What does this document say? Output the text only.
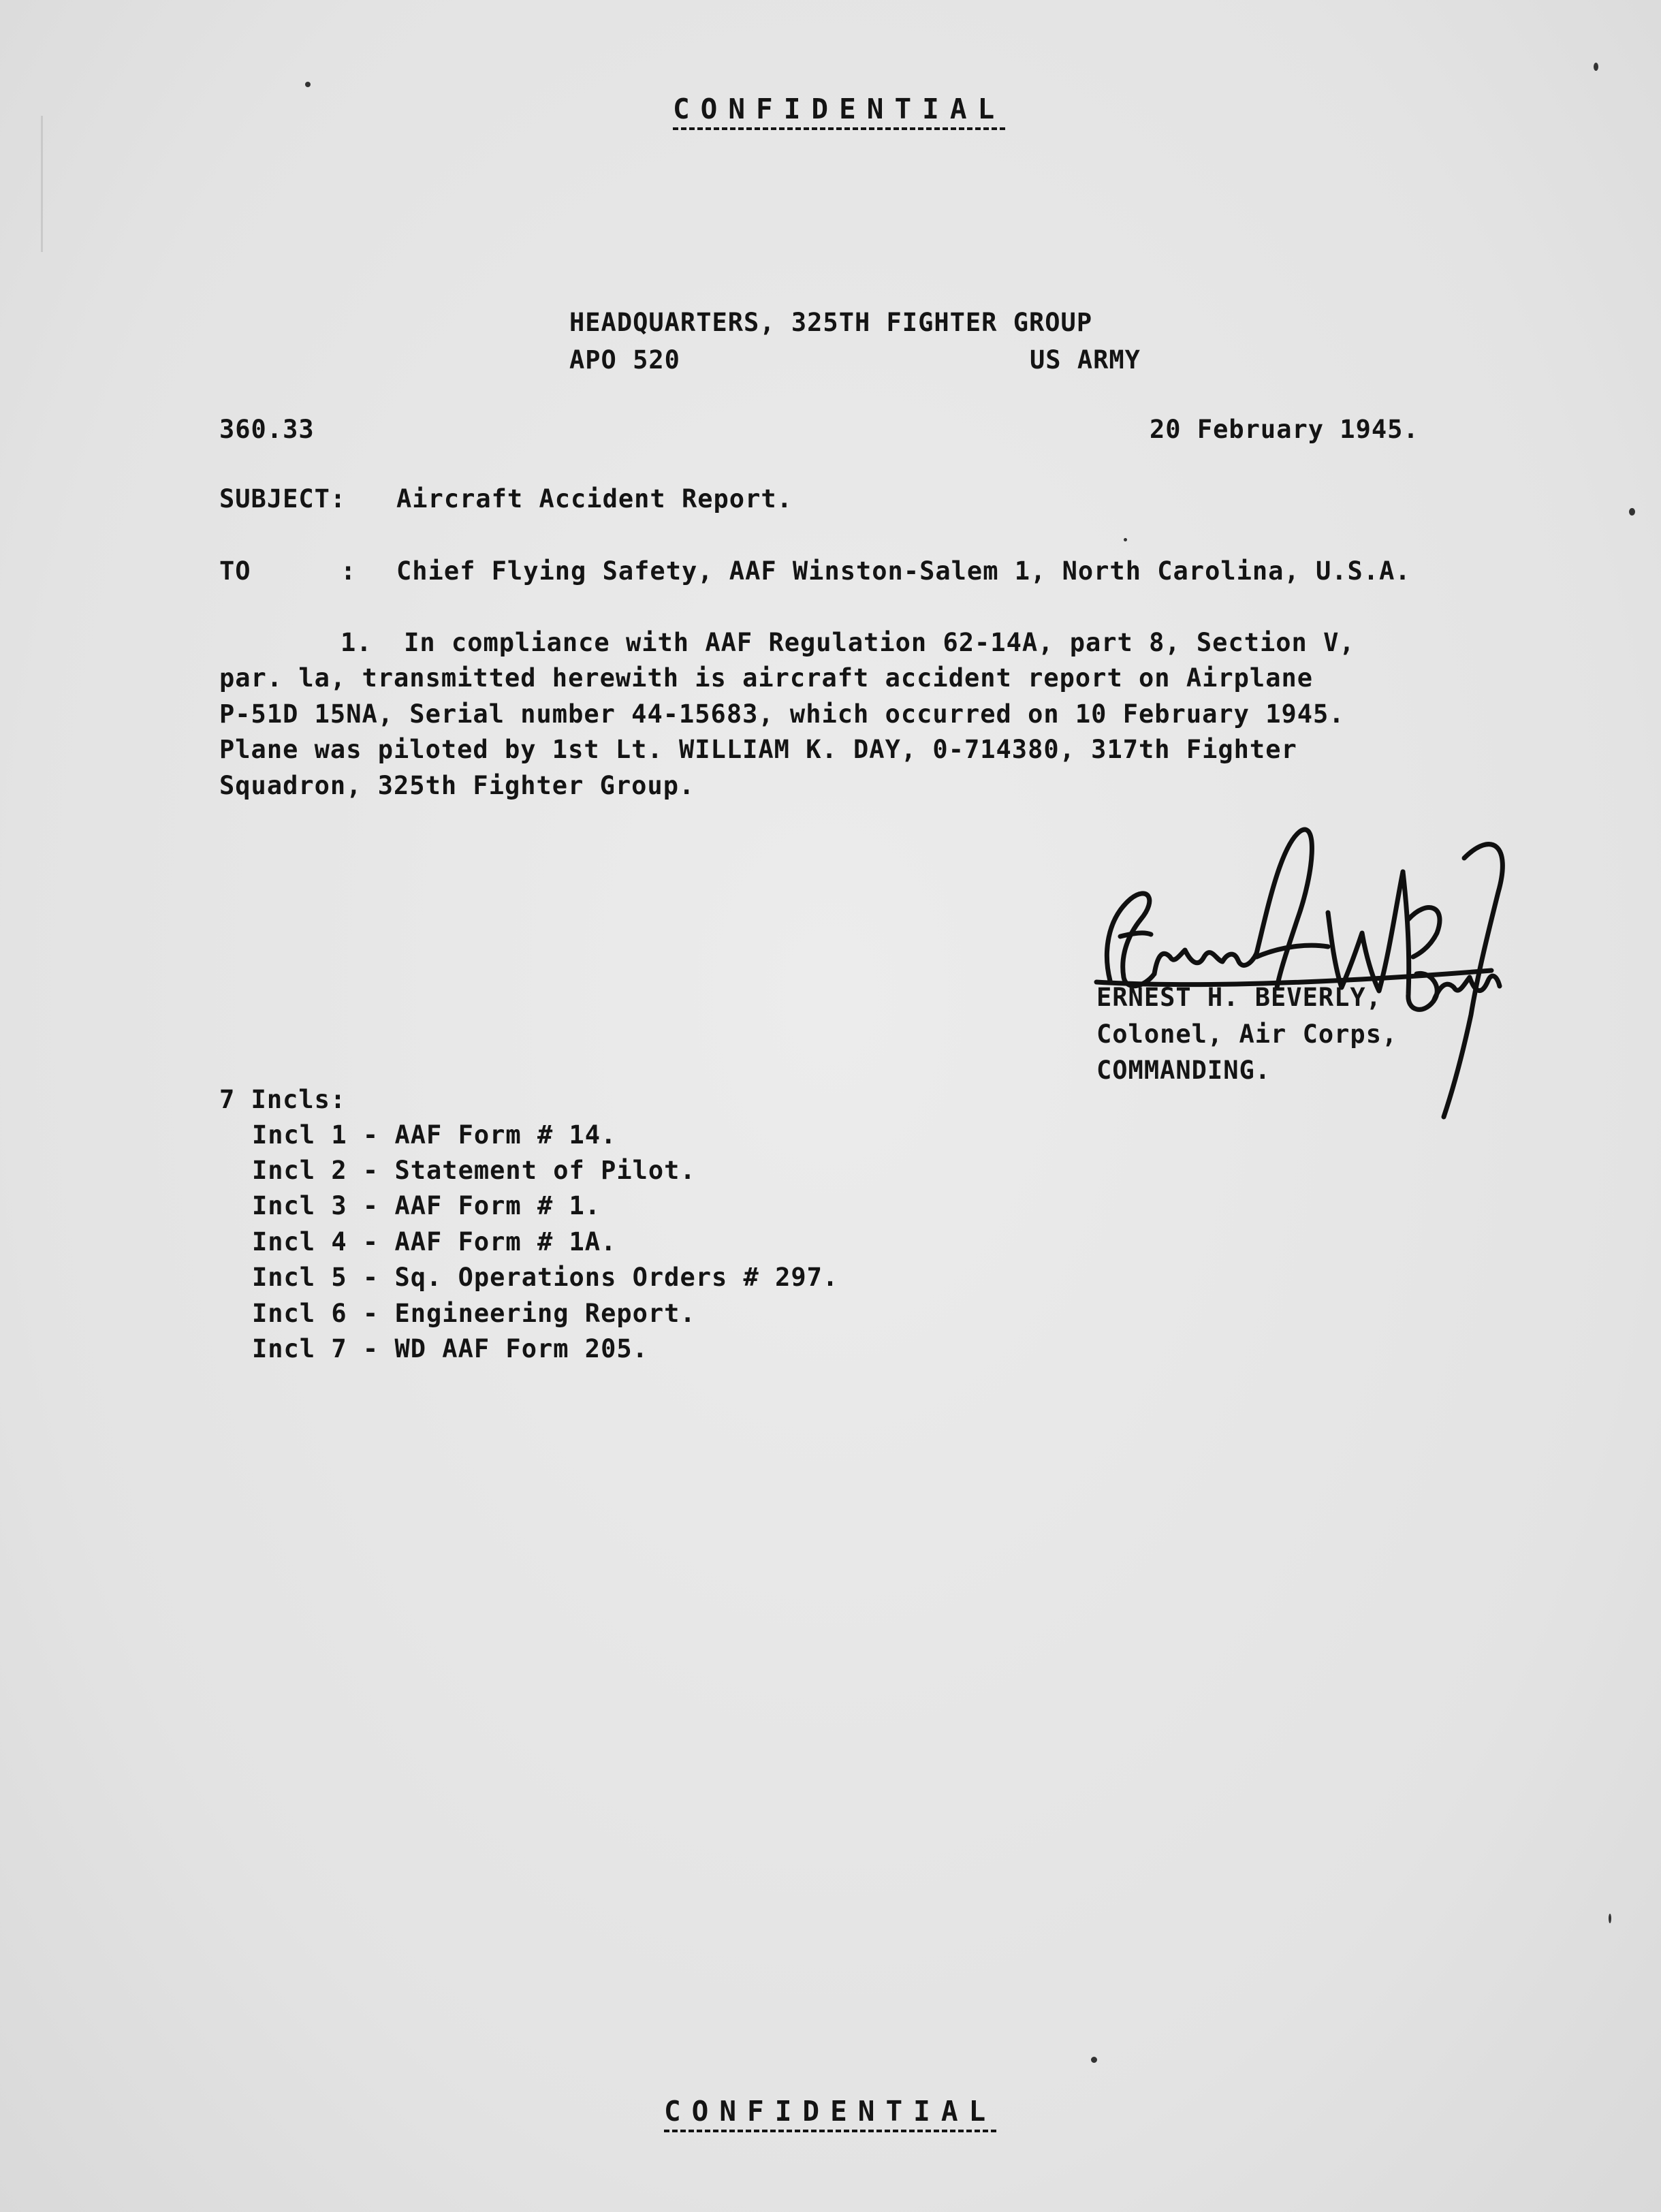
CONFIDENTIAL
HEADQUARTERS, 325TH FIGHTER GROUP
APO 520	US ARMY
360.33	20 February 1945.
SUBJECT: Aircraft Accident Report.
TO	: Chief Flying Safety, AAF Winston-Salem 1, North Carolina, U.S.A.
1.  In compliance with AAF Regulation 62-14A, part 8, Section V,
par. la, transmitted herewith is aircraft accident report on Airplane
P-51D 15NA, Serial number 44-15683, which occurred on 10 February 1945.
Plane was piloted by 1st Lt. WILLIAM K. DAY, 0-714380, 317th Fighter
Squadron, 325th Fighter Group.
ERNEST H. BEVERLY,
Colonel, Air Corps,
COMMANDING.
7 Incls:
Incl 1 - AAF Form # 14.
Incl 2 - Statement of Pilot.
Incl 3 - AAF Form # 1.
Incl 4 - AAF Form # 1A.
Incl 5 - Sq. Operations Orders # 297.
Incl 6 - Engineering Report.
Incl 7 - WD AAF Form 205.
CONFIDENTIAL
